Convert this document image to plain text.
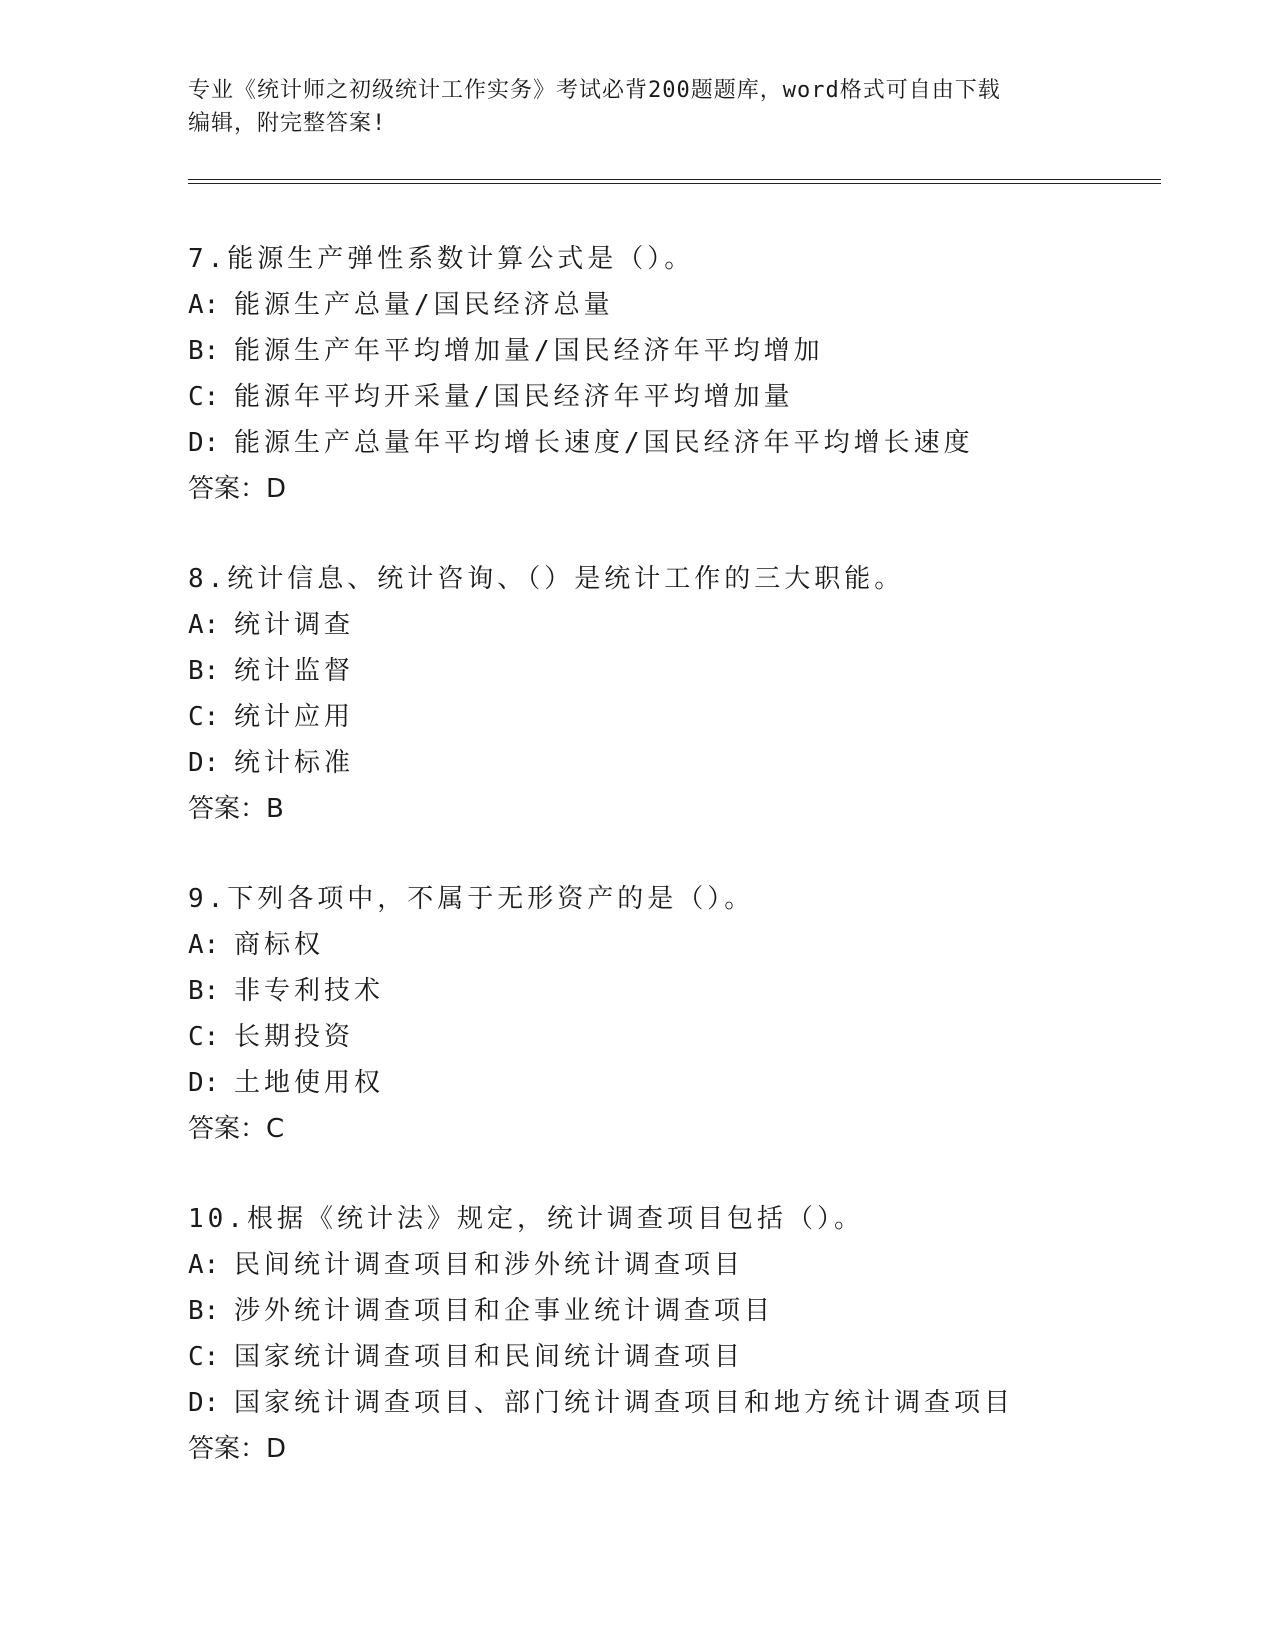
专业《统计师之初级统计工作实务》考试必背200题题库，word格式可自由下载
编辑，附完整答案!
7.能源生产弹性系数计算公式是（）。
A: 能源生产总量/国民经济总量
B: 能源生产年平均增加量/国民经济年平均增加
C: 能源年平均开采量/国民经济年平均增加量
D: 能源生产总量年平均增长速度/国民经济年平均增长速度
答案：D
8.统计信息、统计咨询、（）是统计工作的三大职能。
A: 统计调查
B: 统计监督
C: 统计应用
D: 统计标准
答案：B
9.下列各项中，不属于无形资产的是（）。
A: 商标权
B: 非专利技术
C: 长期投资
D: 土地使用权
答案：C
10.根据《统计法》规定，统计调查项目包括（）。
A: 民间统计调查项目和涉外统计调查项目
B: 涉外统计调查项目和企事业统计调查项目
C: 国家统计调查项目和民间统计调查项目
D: 国家统计调查项目、部门统计调查项目和地方统计调查项目
答案：D
